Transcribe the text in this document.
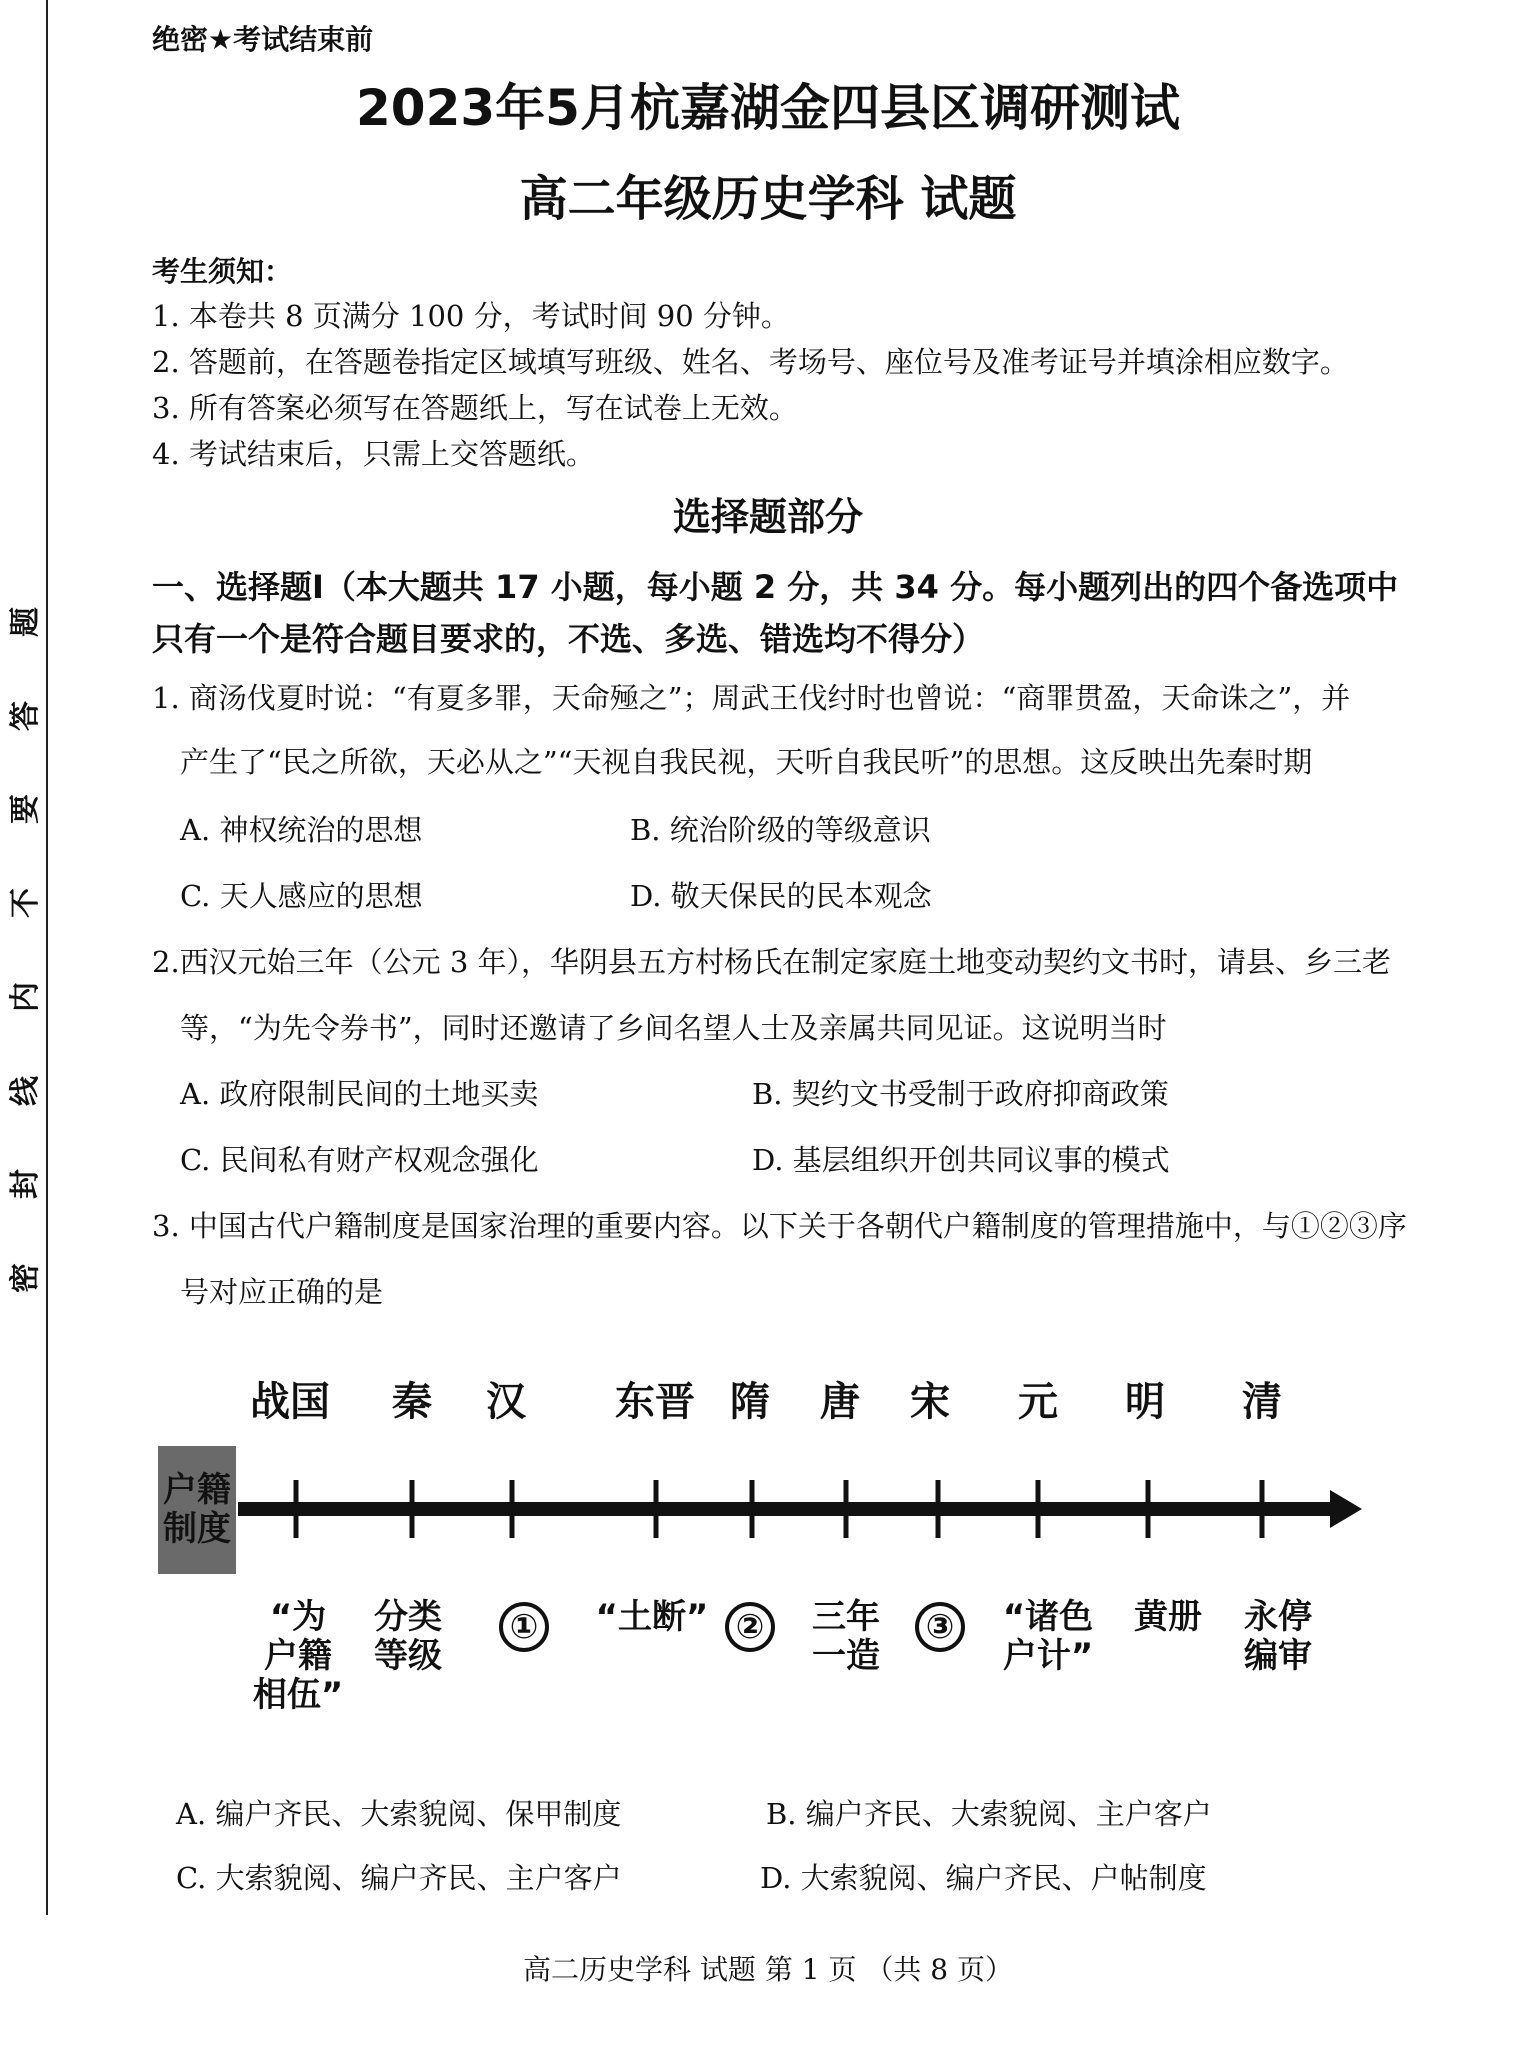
题
答
要
不
内
线
封
密
绝密★考试结束前
2023年5月杭嘉湖金四县区调研测试
高二年级历史学科 试题
考生须知：
1. 本卷共 8 页满分 100 分，考试时间 90 分钟。
2. 答题前，在答题卷指定区域填写班级、姓名、考场号、座位号及准考证号并填涂相应数字。
3. 所有答案必须写在答题纸上，写在试卷上无效。
4. 考试结束后，只需上交答题纸。
选择题部分
一、选择题Ⅰ（本大题共 17 小题，每小题 2 分，共 34 分。每小题列出的四个备选项中
只有一个是符合题目要求的，不选、多选、错选均不得分）
1. 商汤伐夏时说：“有夏多罪，天命殛之”；周武王伐纣时也曾说：“商罪贯盈，天命诛之”，并
产生了“民之所欲，天必从之”“天视自我民视，天听自我民听”的思想。这反映出先秦时期
A. 神权统治的思想	B. 统治阶级的等级意识
C. 天人感应的思想	D. 敬天保民的民本观念
2.西汉元始三年（公元 3 年），华阴县五方村杨氏在制定家庭土地变动契约文书时，请县、乡三老
等，“为先令券书”，同时还邀请了乡间名望人士及亲属共同见证。这说明当时
A. 政府限制民间的土地买卖	B. 契约文书受制于政府抑商政策
C. 民间私有财产权观念强化	D. 基层组织开创共同议事的模式
3. 中国古代户籍制度是国家治理的重要内容。以下关于各朝代户籍制度的管理措施中，与①②③序
号对应正确的是
战国 秦 汉 东晋 隋 唐 宋 元 明 清
户籍
制度
“为
户籍
相伍”
分类
等级
①	“土断” ②	三年
一造
③	“诸色
户计”
黄册 永停
编审
A. 编户齐民、大索貌阅、保甲制度	B. 编户齐民、大索貌阅、主户客户
C. 大索貌阅、编户齐民、主户客户	D. 大索貌阅、编户齐民、户帖制度
高二历史学科 试题 第 1 页 （共 8 页）
